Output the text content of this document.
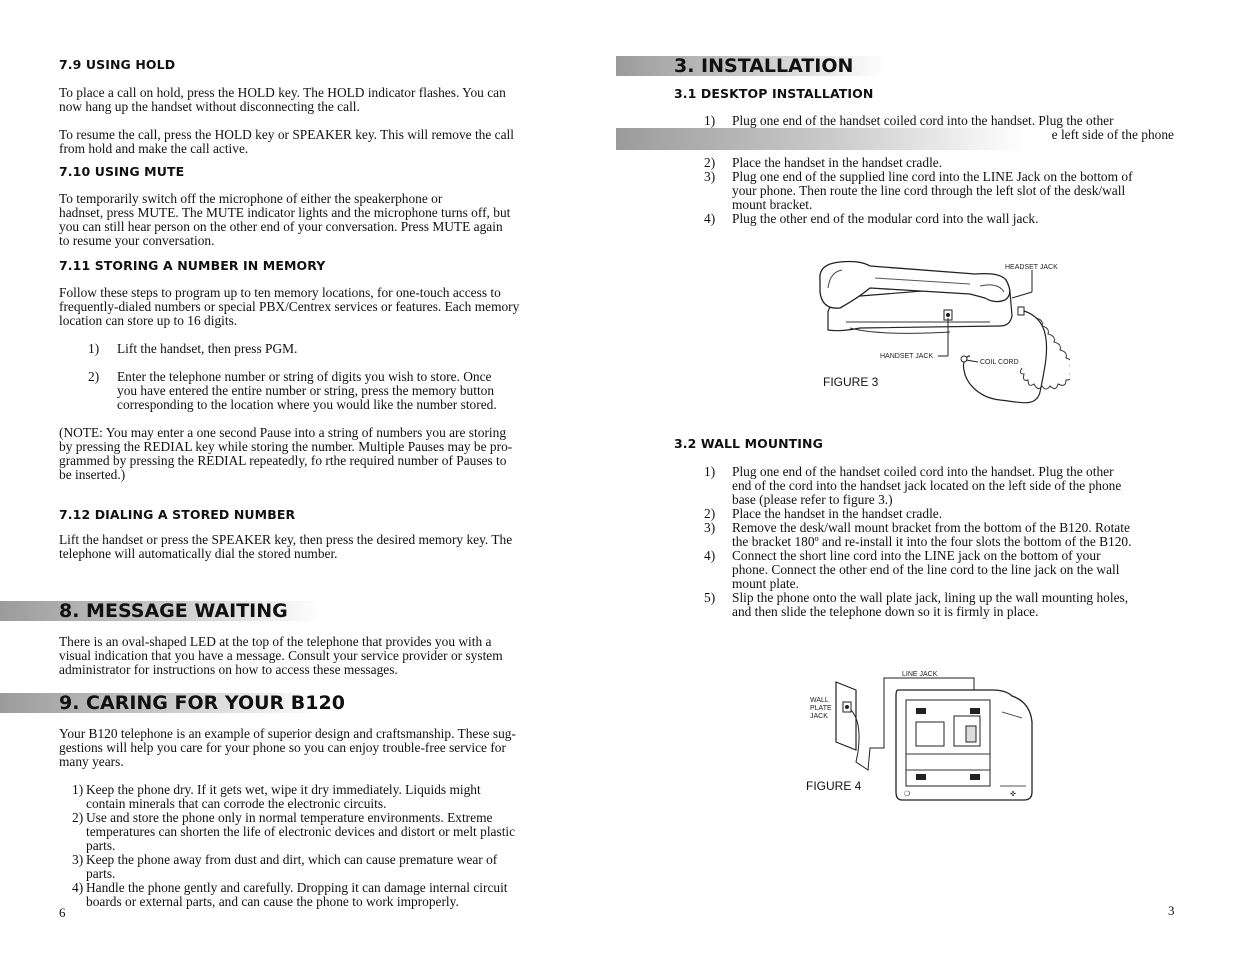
7.9 USING HOLD
To place a call on hold, press the HOLD key. The HOLD indicator flashes. You can
now hang up the handset without disconnecting the call.
To resume the call, press the HOLD key or SPEAKER key. This will remove the call
from hold and make the call active.
7.10 USING MUTE
To temporarily switch off the microphone of either the speakerphone or
hadnset, press MUTE. The MUTE indicator lights and the microphone turns off, but
you can still hear person on the other end of your conversation. Press MUTE again
to resume your conversation.
7.11 STORING A NUMBER IN MEMORY
Follow these steps to program up to ten memory locations, for one-touch access to
frequently-dialed numbers or special PBX/Centrex services or features. Each memory
location can store up to 16 digits.
1) Lift the handset, then press PGM.
2) Enter the telephone number or string of digits you wish to store. Once
you have entered the entire number or string, press the memory button
corresponding to the location where you would like the number stored.
(NOTE: You may enter a one second Pause into a string of numbers you are storing
by pressing the REDIAL key while storing the number. Multiple Pauses may be pro-
grammed by pressing the REDIAL repeatedly, fo rthe required number of Pauses to
be inserted.)
7.12 DIALING A STORED NUMBER
Lift the handset or press the SPEAKER key, then press the desired memory key. The
telephone will automatically dial the stored number.
8. MESSAGE WAITING
There is an oval-shaped LED at the top of the telephone that provides you with a
visual indication that you have a message. Consult your service provider or system
administrator for instructions on how to access these messages.
9. CARING FOR YOUR B120
Your B120 telephone is an example of superior design and craftsmanship. These sug-
gestions will help you care for your phone so you can enjoy trouble-free service for
many years.
1) Keep the phone dry. If it gets wet, wipe it dry immediately. Liquids might
contain minerals that can corrode the electronic circuits.
2) Use and store the phone only in normal temperature environments. Extreme
temperatures can shorten the life of electronic devices and distort or melt plastic
parts.
3) Keep the phone away from dust and dirt, which can cause premature wear of
parts.
4) Handle the phone gently and carefully. Dropping it can damage internal circuit
boards or external parts, and can cause the phone to work improperly.
6
3. INSTALLATION
3.1 DESKTOP INSTALLATION
1) Plug one end of the handset coiled cord into the handset. Plug the other
e left side of the phone
2) Place the handset in the handset cradle.
3) Plug one end of the supplied line cord into the LINE Jack on the bottom of
your phone. Then route the line cord through the left slot of the desk/wall
mount bracket.
4) Plug the other end of the modular cord into the wall jack.
HEADSET JACK
HANDSET JACK
COIL CORD
FIGURE 3
3.2 WALL MOUNTING
1) Plug one end of the handset coiled cord into the handset. Plug the other
end of the cord into the handset jack located on the left side of the phone
base (please refer to figure 3.)
2) Place the handset in the handset cradle.
3) Remove the desk/wall mount bracket from the bottom of the B120. Rotate
the bracket 180º and re-install it into the four slots the bottom of the B120.
4) Connect the short line cord into the LINE jack on the bottom of your
phone. Connect the other end of the line cord to the line jack on the wall
mount plate.
5) Slip the phone onto the wall plate jack, lining up the wall mounting holes,
and then slide the telephone down so it is firmly in place.
❍	✜
LINE JACK
WALL
PLATE
JACK
FIGURE 4
3
